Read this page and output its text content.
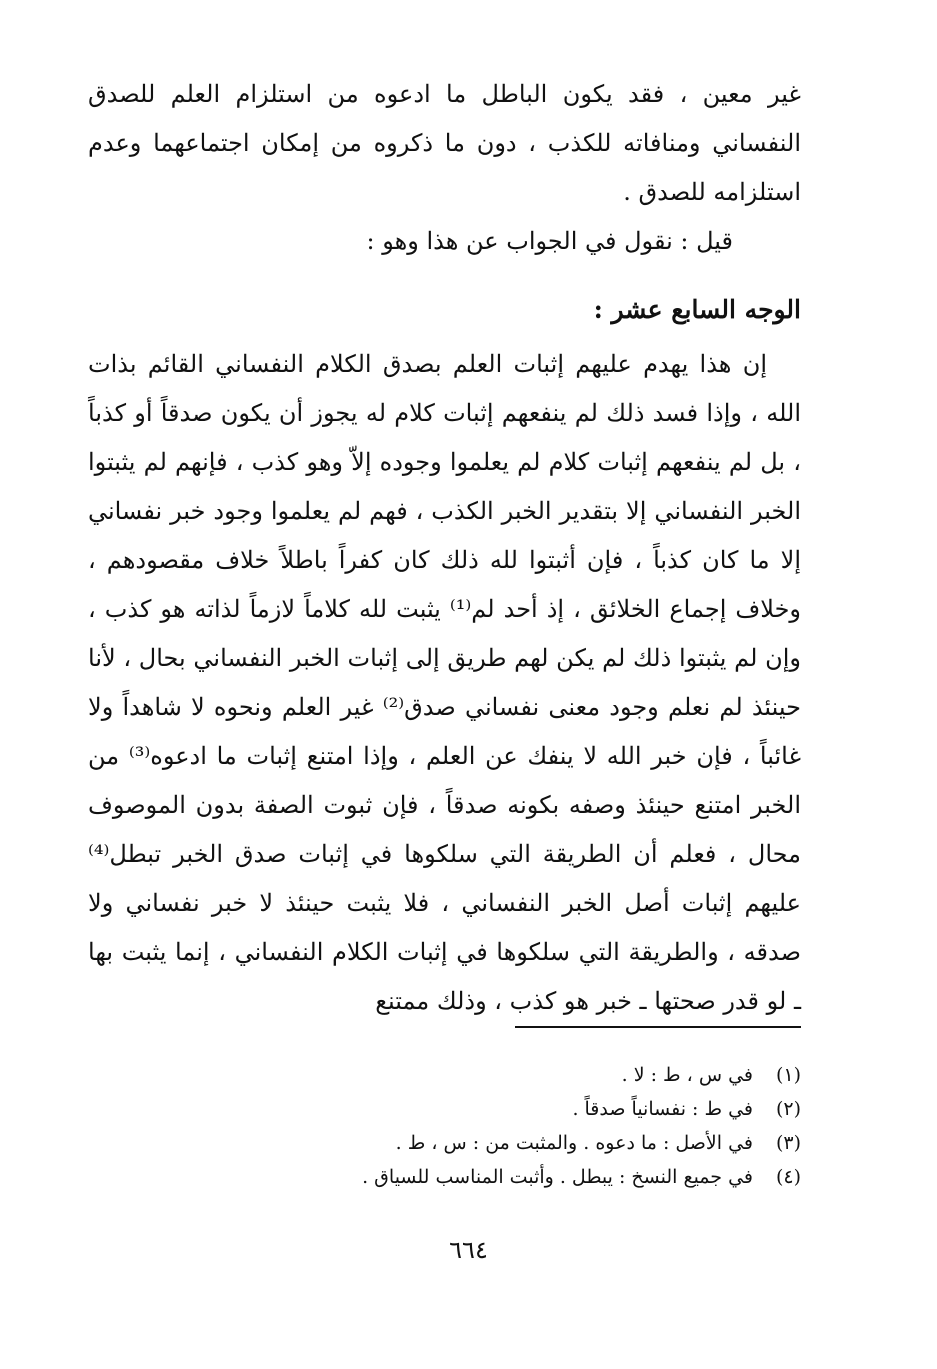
غير معين ، فقد يكون الباطل ما ادعوه من استلزام العلم للصدق النفساني ومنافاته للكذب ، دون ما ذكروه من إمكان اجتماعهما وعدم استلزامه للصدق .

قيل : نقول في الجواب عن هذا وهو :

الوجه السابع عشر :

إن هذا يهدم عليهم إثبات العلم بصدق الكلام النفساني القائم بذات الله ، وإذا فسد ذلك لم ينفعهم إثبات كلام له يجوز أن يكون صدقاً أو كذباً ، بل لم ينفعهم إثبات كلام لم يعلموا وجوده إلاّ وهو كذب ، فإنهم لم يثبتوا الخبر النفساني إلا بتقدير الخبر الكذب ، فهم لم يعلموا وجود خبر نفساني إلا ما كان كذباً ، فإن أثبتوا لله ذلك كان كفراً باطلاً خلاف مقصودهم ، وخلاف إجماع الخلائق ، إذ أحد لم⁽¹⁾ يثبت لله كلاماً لازماً لذاته هو كذب ، وإن لم يثبتوا ذلك لم يكن لهم طريق إلى إثبات الخبر النفساني بحال ، لأنا حينئذ لم نعلم وجود معنى نفساني صدق⁽²⁾ غير العلم ونحوه لا شاهداً ولا غائباً ، فإن خبر الله لا ينفك عن العلم ، وإذا امتنع إثبات ما ادعوه⁽³⁾ من الخبر امتنع حينئذ وصفه بكونه صدقاً ، فإن ثبوت الصفة بدون الموصوف محال ، فعلم أن الطريقة التي سلكوها في إثبات صدق الخبر تبطل⁽⁴⁾ عليهم إثبات أصل الخبر النفساني ، فلا يثبت حينئذ لا خبر نفساني ولا صدقه ، والطريقة التي سلكوها في إثبات الكلام النفساني ، إنما يثبت بها ـ لو قدر صحتها ـ خبر هو كذب ، وذلك ممتنع

(١)
في س ، ط : لا .
(٢)
في ط : نفسانياً صدقاً .
(٣)
في الأصل : ما دعوه . والمثبت من : س ، ط .
(٤)
في جميع النسخ : يبطل . وأثبت المناسب للسياق .
٦٦٤
